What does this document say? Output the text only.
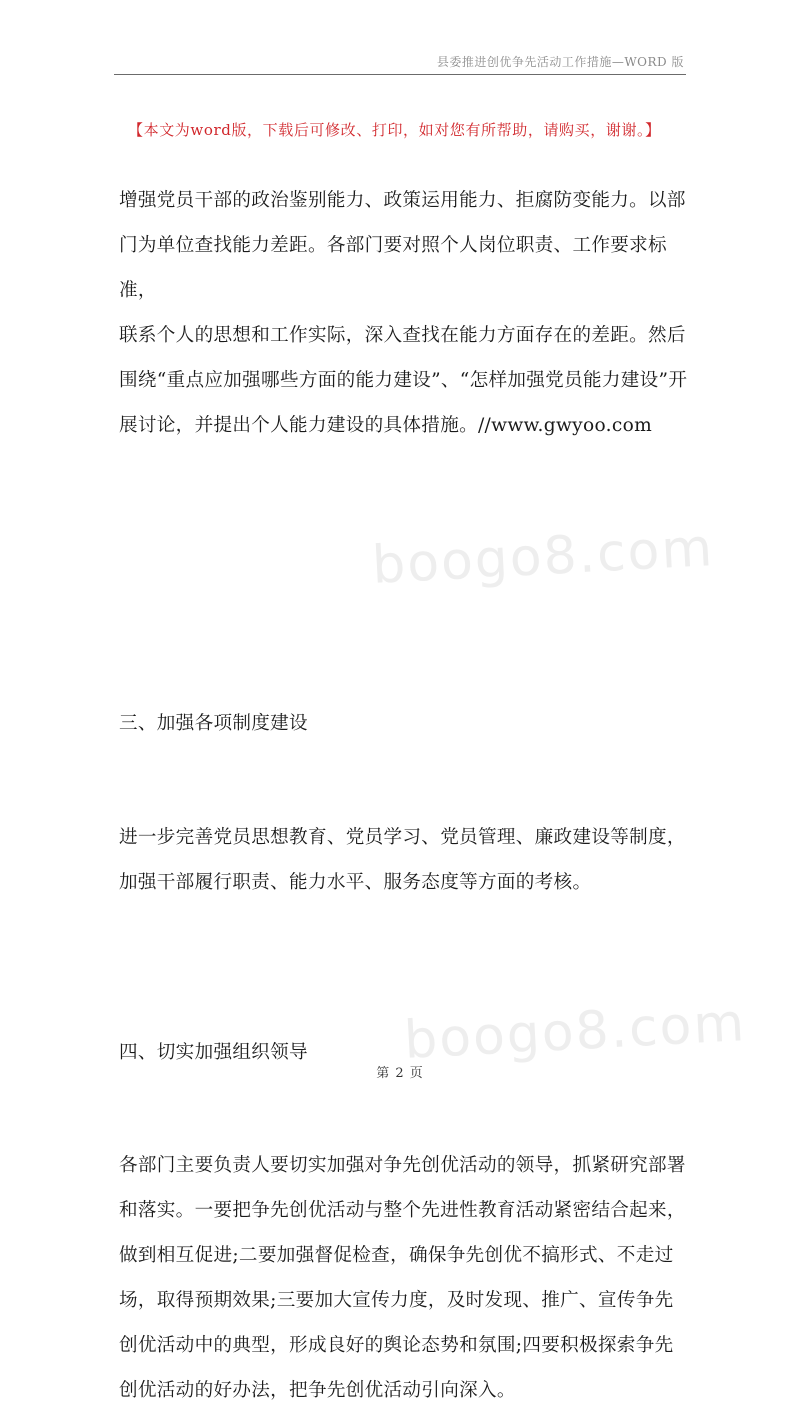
boogo8.com
boogo8.com
县委推进创优争先活动工作措施—WORD 版
【本文为word版，下载后可修改、打印，如对您有所帮助，请购买，谢谢。】

增强党员干部的政治鉴别能力、政策运用能力、拒腐防变能力。以部

门为单位查找能力差距。各部门要对照个人岗位职责、工作要求标准，

联系个人的思想和工作实际，深入查找在能力方面存在的差距。然后

围绕“重点应加强哪些方面的能力建设”、“怎样加强党员能力建设”开

展讨论，并提出个人能力建设的具体措施。//www.gwyoo.com

三、加强各项制度建设

进一步完善党员思想教育、党员学习、党员管理、廉政建设等制度，

加强干部履行职责、能力水平、服务态度等方面的考核。

四、切实加强组织领导

各部门主要负责人要切实加强对争先创优活动的领导，抓紧研究部署

和落实。一要把争先创优活动与整个先进性教育活动紧密结合起来，

做到相互促进;二要加强督促检查，确保争先创优不搞形式、不走过

场，取得预期效果;三要加大宣传力度，及时发现、推广、宣传争先

创优活动中的典型，形成良好的舆论态势和氛围;四要积极探索争先

创优活动的好办法，把争先创优活动引向深入。

第 2 页
